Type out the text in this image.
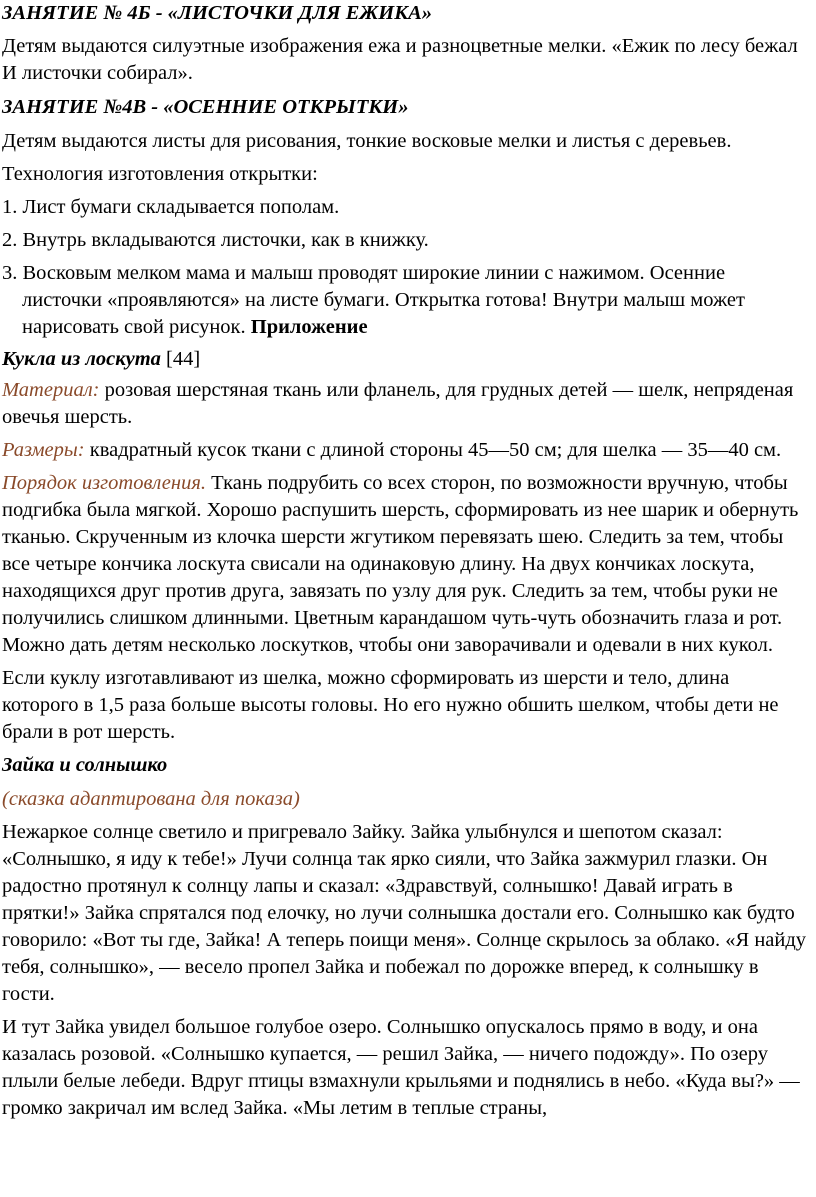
ЗАНЯТИЕ № 4Б - «ЛИСТОЧКИ ДЛЯ ЕЖИКА»

Детям выдаются силуэтные изображения ежа и разноцветные мелки. «Ежик по лесу бежал И листочки собирал».

ЗАНЯТИЕ №4В - «ОСЕННИЕ ОТКРЫТКИ»

Детям выдаются листы для рисования, тонкие восковые мелки и листья с деревьев.

Технология изготовления открытки:

1. Лист бумаги складывается пополам.

2. Внутрь вкладываются листочки, как в книжку.

3. Восковым мелком мама и малыш проводят широкие линии с нажимом. Осенние листочки «проявляются» на листе бумаги. Открытка готова! Внутри малыш может нарисовать свой рисунок. Приложение

Кукла из лоскута [44]

Материал: розовая шерстяная ткань или фланель, для грудных детей — шелк, непряденая овечья шерсть.

Размеры: квадратный кусок ткани с длиной стороны 45—50 см; для шелка — 35—40 см.

Порядок изготовления. Ткань подрубить со всех сторон, по возможности вручную, чтобы подгибка была мягкой. Хорошо распушить шерсть, сформировать из нее шарик и обернуть тканью. Скрученным из клочка шерсти жгутиком перевязать шею. Следить за тем, чтобы все четыре кончика лоскута свисали на одинаковую длину. На двух кончиках лоскута, находящихся друг против друга, завязать по узлу для рук. Следить за тем, чтобы руки не получились слишком длинными. Цветным карандашом чуть-чуть обозначить глаза и рот. Можно дать детям несколько лоскутков, чтобы они заворачивали и одевали в них кукол.

Если куклу изготавливают из шелка, можно сформировать из шерсти и тело, длина которого в 1,5 раза больше высоты головы. Но его нужно обшить шелком, чтобы дети не брали в рот шерсть.

Зайка и солнышко

(сказка адаптирована для показа)

Нежаркое солнце светило и пригревало Зайку. Зайка улыбнулся и шепотом сказал: «Солнышко, я иду к тебе!» Лучи солнца так ярко сияли, что Зайка зажмурил глазки. Он радостно протянул к солнцу лапы и сказал: «Здравствуй, солнышко! Давай играть в прятки!» Зайка спрятался под елочку, но лучи солнышка достали его. Солнышко как будто говорило: «Вот ты где, Зайка! А теперь поищи меня». Солнце скрылось за облако. «Я найду тебя, солнышко», — весело пропел Зайка и побежал по дорожке вперед, к солнышку в гости.

И тут Зайка увидел большое голубое озеро. Солнышко опускалось прямо в воду, и она казалась розовой. «Солнышко купается, — решил Зайка, — ничего подожду». По озеру плыли белые лебеди. Вдруг птицы взмахнули крыльями и поднялись в небо. «Куда вы?» — громко закричал им вслед Зайка. «Мы летим в теплые страны,
